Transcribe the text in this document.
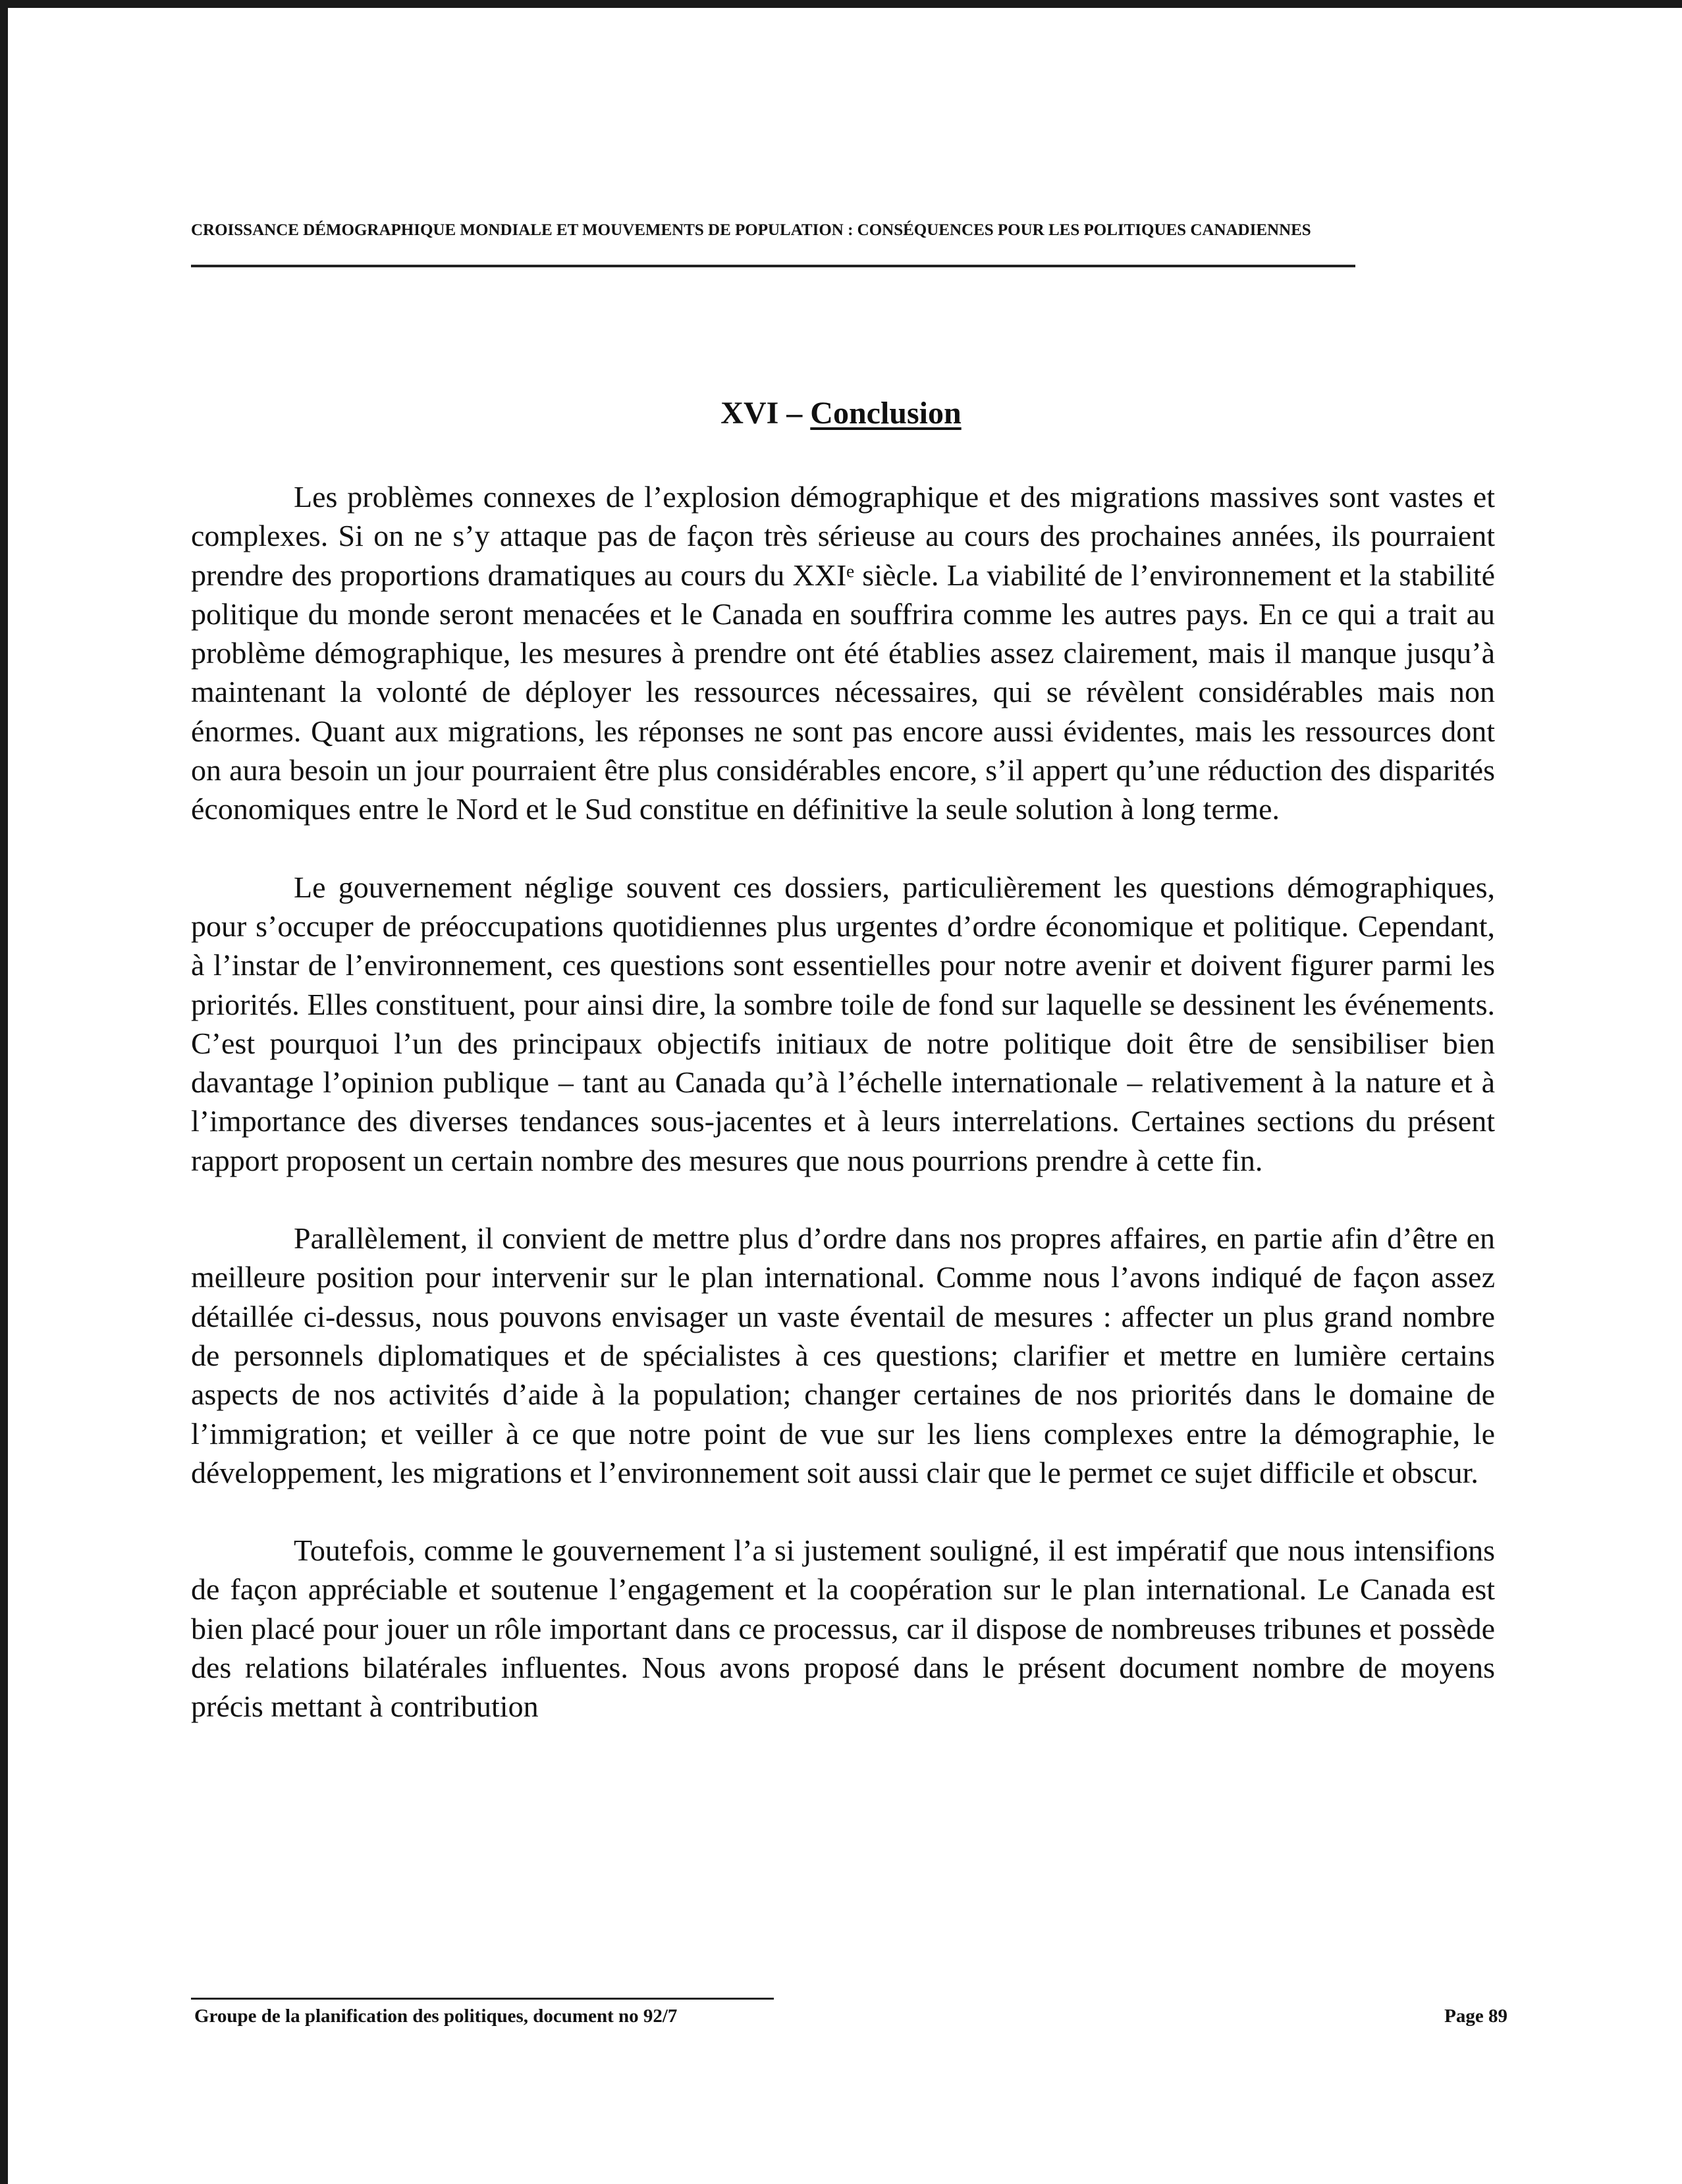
CROISSANCE DÉMOGRAPHIQUE MONDIALE ET MOUVEMENTS DE POPULATION : CONSÉQUENCES POUR LES POLITIQUES CANADIENNES
XVI – Conclusion

Les problèmes connexes de l’explosion démographique et des migrations massives sont vastes et complexes. Si on ne s’y attaque pas de façon très sérieuse au cours des prochaines années, ils pourraient prendre des proportions dramatiques au cours du XXIᵉ siècle. La viabilité de l’environnement et la stabilité politique du monde seront menacées et le Canada en souffrira comme les autres pays. En ce qui a trait au problème démographique, les mesures à prendre ont été établies assez clairement, mais il manque jusqu’à maintenant la volonté de déployer les ressources nécessaires, qui se révèlent considérables mais non énormes. Quant aux migrations, les réponses ne sont pas encore aussi évidentes, mais les ressources dont on aura besoin un jour pourraient être plus considérables encore, s’il appert qu’une réduction des disparités économiques entre le Nord et le Sud constitue en définitive la seule solution à long terme.

Le gouvernement néglige souvent ces dossiers, particulièrement les questions démographiques, pour s’occuper de préoccupations quotidiennes plus urgentes d’ordre économique et politique. Cependant, à l’instar de l’environnement, ces questions sont essentielles pour notre avenir et doivent figurer parmi les priorités. Elles constituent, pour ainsi dire, la sombre toile de fond sur laquelle se dessinent les événements. C’est pourquoi l’un des principaux objectifs initiaux de notre politique doit être de sensibiliser bien davantage l’opinion publique – tant au Canada qu’à l’échelle internationale – relativement à la nature et à l’importance des diverses tendances sous-jacentes et à leurs interrelations. Certaines sections du présent rapport proposent un certain nombre des mesures que nous pourrions prendre à cette fin.

Parallèlement, il convient de mettre plus d’ordre dans nos propres affaires, en partie afin d’être en meilleure position pour intervenir sur le plan international. Comme nous l’avons indiqué de façon assez détaillée ci-dessus, nous pouvons envisager un vaste éventail de mesures : affecter un plus grand nombre de personnels diplomatiques et de spécialistes à ces questions; clarifier et mettre en lumière certains aspects de nos activités d’aide à la population; changer certaines de nos priorités dans le domaine de l’immigration; et veiller à ce que notre point de vue sur les liens complexes entre la démographie, le développement, les migrations et l’environnement soit aussi clair que le permet ce sujet difficile et obscur.

Toutefois, comme le gouvernement l’a si justement souligné, il est impératif que nous intensifions de façon appréciable et soutenue l’engagement et la coopération sur le plan international. Le Canada est bien placé pour jouer un rôle important dans ce processus, car il dispose de nombreuses tribunes et possède des relations bilatérales influentes. Nous avons proposé dans le présent document nombre de moyens précis mettant à contribution

Groupe de la planification des politiques, document no 92/7	Page 89
